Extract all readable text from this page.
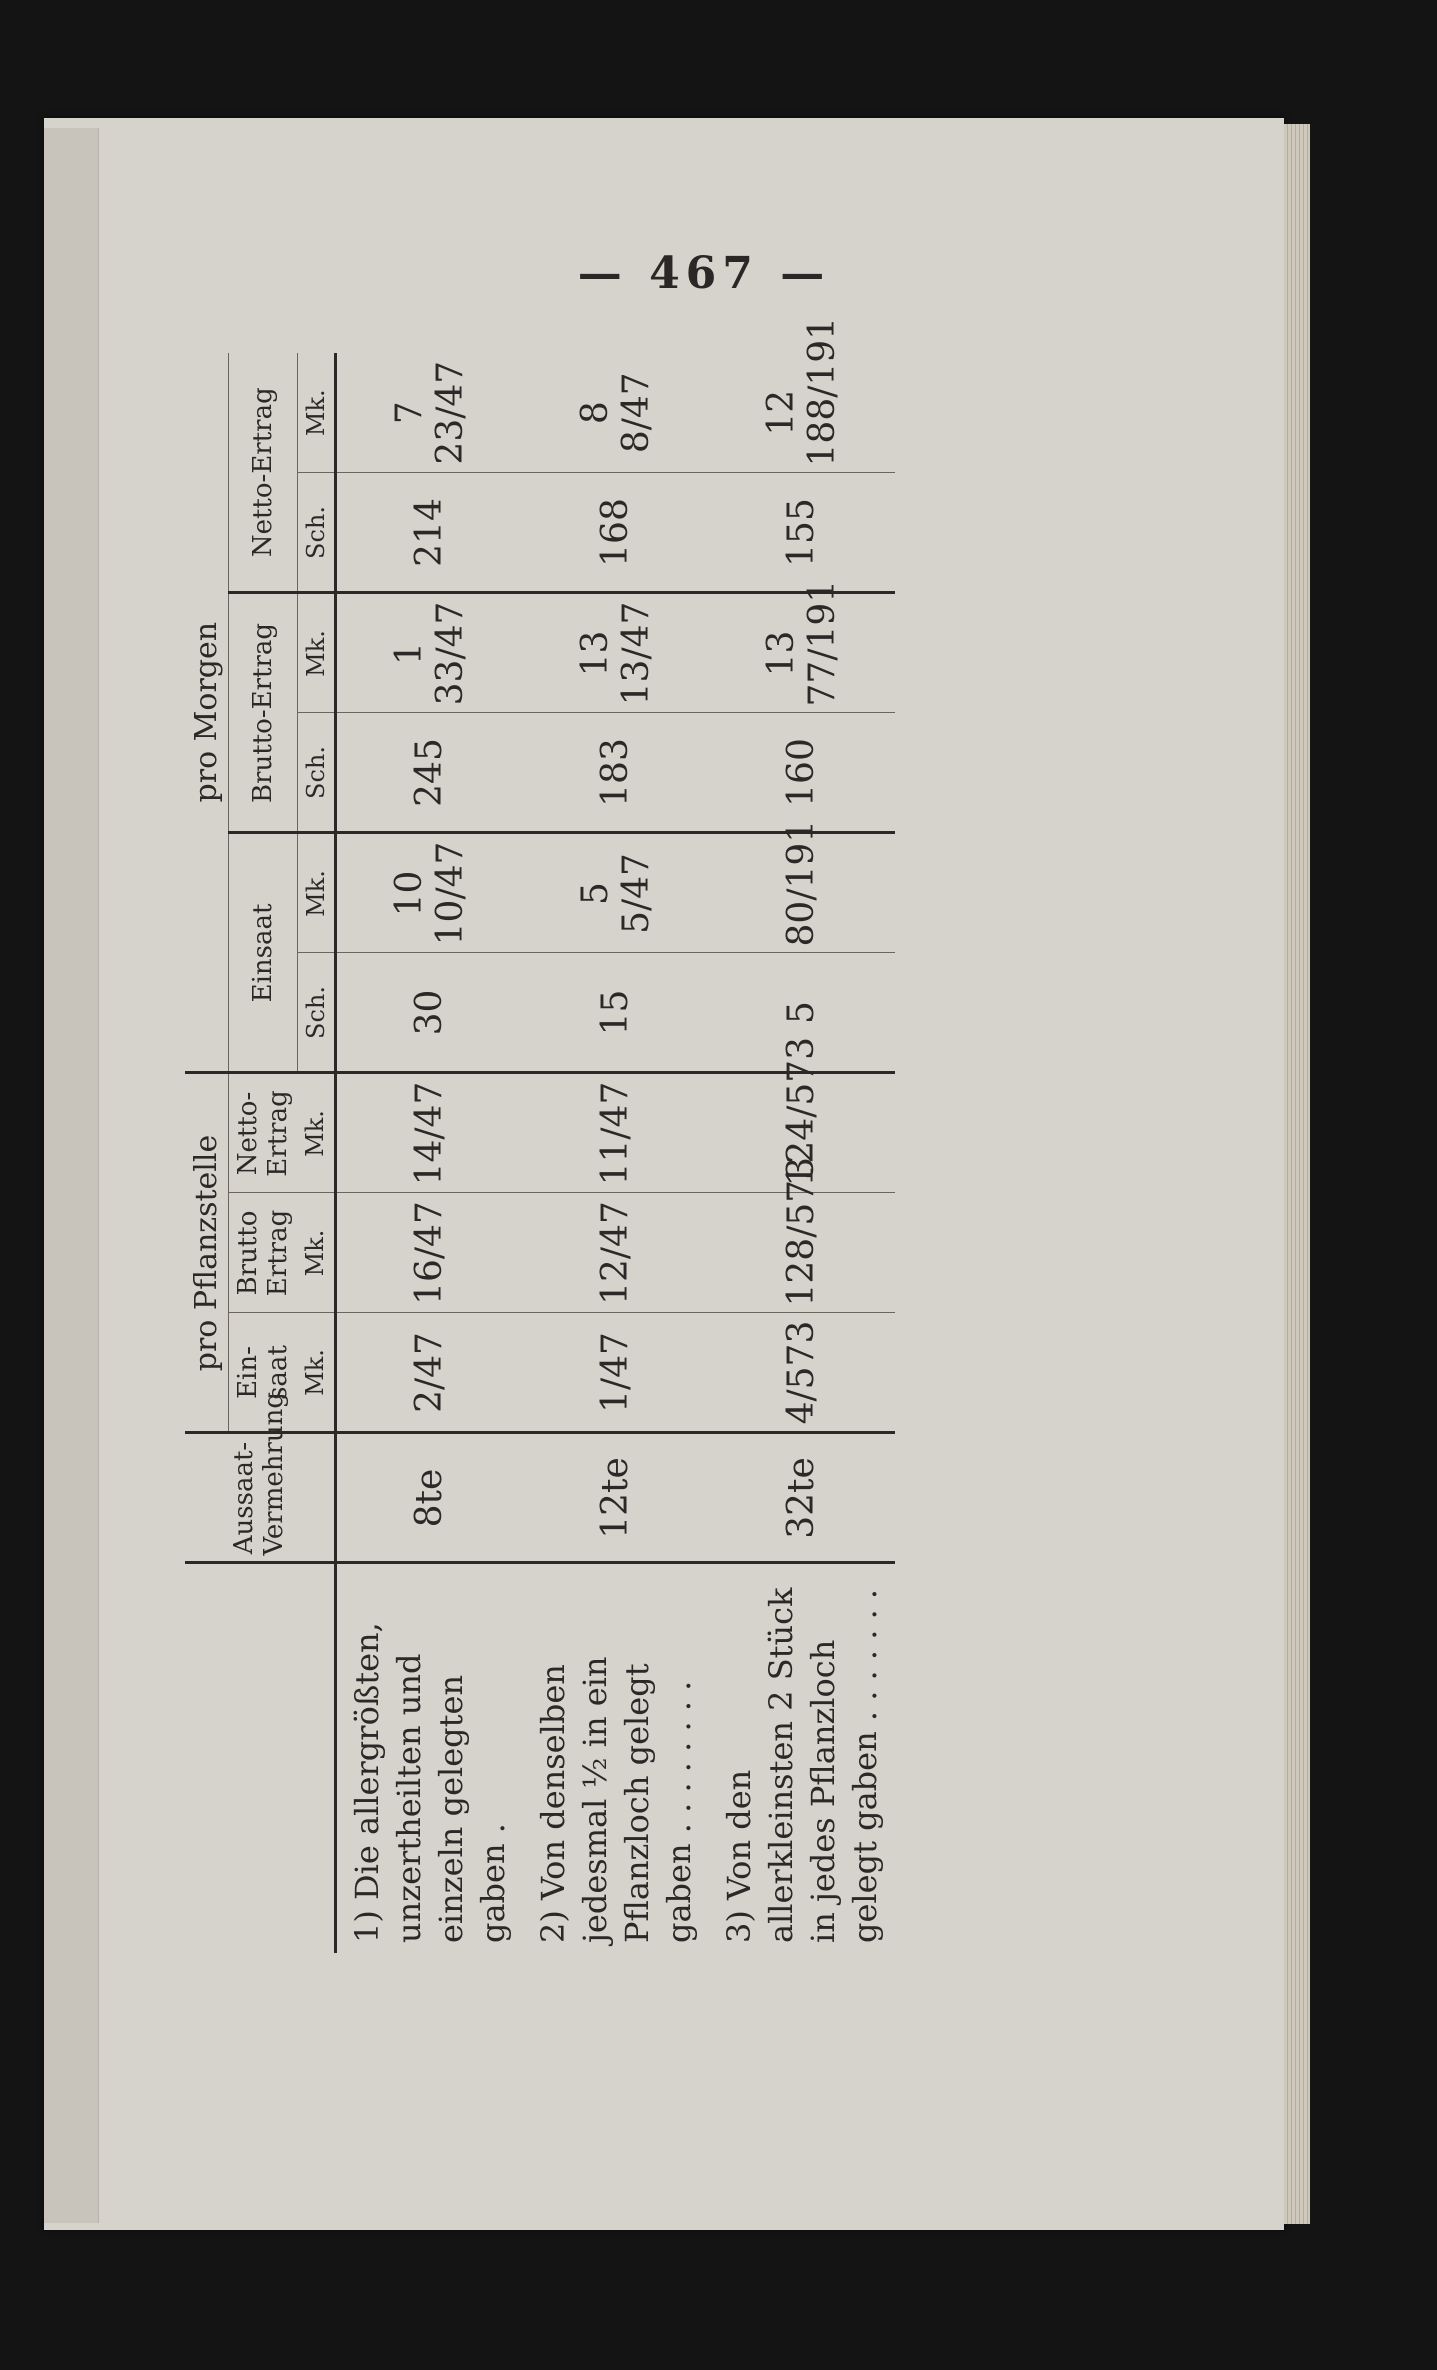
— 467 —
	Aussaat-Vermehrung	pro Pflanzstelle			pro Morgen					
		Ein-saat	Brutto Ertrag	Netto-Ertrag	Einsaat		Brutto-Ertrag		Netto-Ertrag	
		Mk.	Mk.	Mk.	Sch.	Mk.	Sch.	Mk.	Sch.	Mk.
1) Die allergrößten, unzertheilten und einzeln gelegten gaben .	8te	2/47	16/47	14/47	30	10 10/47	245	1 33/47	214	7 23/47
2) Von denselben jedesmal ½ in ein Pflanzloch gelegt gaben . . . . . . . .	12te	1/47	12/47	11/47	15	5 5/47	183	13 13/47	168	8 8/47
3) Von den allerkleinsten 2 Stück in jedes Pflanzloch gelegt gaben . . . . . . .	32te	4/573	128/573	124/573	5	80/191	160	13 77/191	155	12 188/191
